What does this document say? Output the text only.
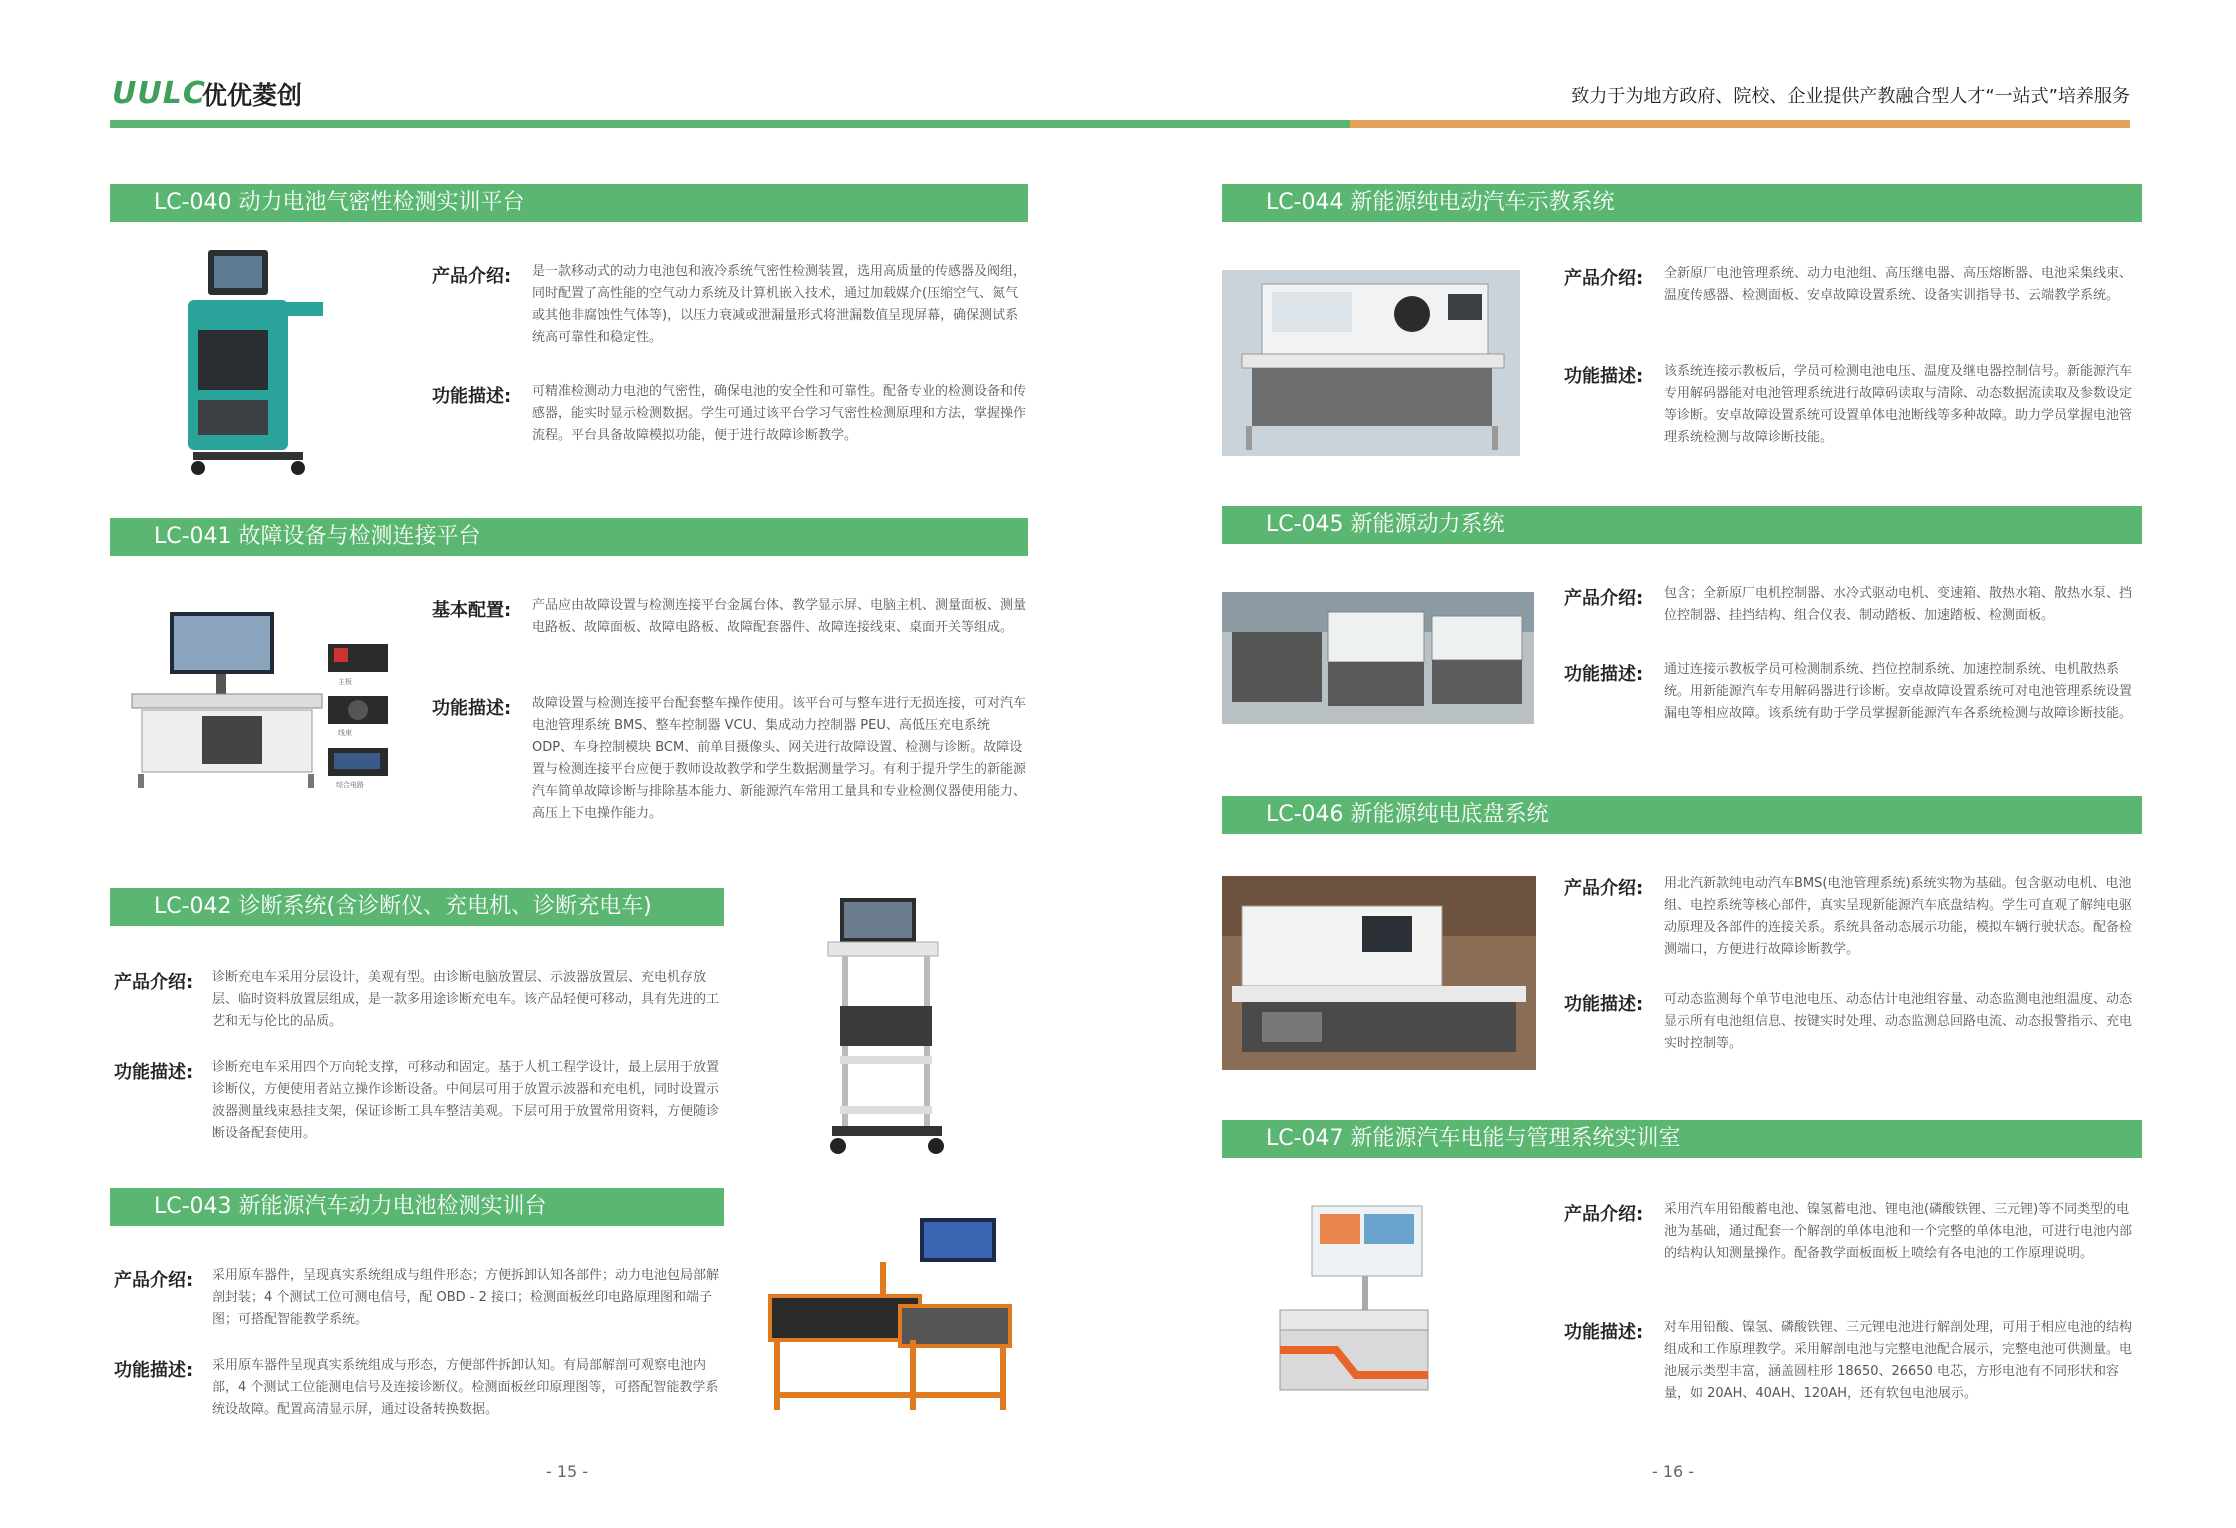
UULC
优优菱创	致力于为地方政府、院校、企业提供产教融合型人才“一站式”培养服务
LC-040 动力电池气密性检测实训平台
产品介绍: 是一款移动式的动力电池包和液冷系统气密性检测装置，选用高质量的传感器及阀组，同时配置了高性能的空气动力系统及计算机嵌入技术，通过加载媒介(压缩空气、氮气或其他非腐蚀性气体等)，以压力衰减或泄漏量形式将泄漏数值呈现屏幕，确保测试系统高可靠性和稳定性。
功能描述: 可精准检测动力电池的气密性，确保电池的安全性和可靠性。配备专业的检测设备和传感器，能实时显示检测数据。学生可通过该平台学习气密性检测原理和方法，掌握操作流程。平台具备故障模拟功能，便于进行故障诊断教学。
LC-041 故障设备与检测连接平台
主板
线束
综合电路
基本配置: 产品应由故障设置与检测连接平台金属台体、教学显示屏、电脑主机、测量面板、测量电路板、故障面板、故障电路板、故障配套器件、故障连接线束、桌面开关等组成。
功能描述: 故障设置与检测连接平台配套整车操作使用。该平台可与整车进行无损连接，可对汽车电池管理系统 BMS、整车控制器 VCU、集成动力控制器 PEU、高低压充电系统 ODP、车身控制模块 BCM、前单目摄像头、网关进行故障设置、检测与诊断。故障设置与检测连接平台应便于教师设故教学和学生数据测量学习。有利于提升学生的新能源汽车简单故障诊断与排除基本能力、新能源汽车常用工量具和专业检测仪器使用能力、高压上下电操作能力。
LC-042 诊断系统(含诊断仪、充电机、诊断充电车)
产品介绍: 诊断充电车采用分层设计，美观有型。由诊断电脑放置层、示波器放置层、充电机存放层、临时资料放置层组成，是一款多用途诊断充电车。该产品轻便可移动，具有先进的工艺和无与伦比的品质。
功能描述: 诊断充电车采用四个万向轮支撑，可移动和固定。基于人机工程学设计，最上层用于放置诊断仪，方便使用者站立操作诊断设备。中间层可用于放置示波器和充电机，同时设置示波器测量线束悬挂支架，保证诊断工具车整洁美观。下层可用于放置常用资料，方便随诊断设备配套使用。
LC-043 新能源汽车动力电池检测实训台
产品介绍: 采用原车器件，呈现真实系统组成与组件形态；方便拆卸认知各部件；动力电池包局部解剖封装；4 个测试工位可测电信号，配 OBD - 2 接口；检测面板丝印电路原理图和端子图；可搭配智能教学系统。
功能描述: 采用原车器件呈现真实系统组成与形态，方便部件拆卸认知。有局部解剖可观察电池内部，4 个测试工位能测电信号及连接诊断仪。检测面板丝印原理图等，可搭配智能教学系统设故障。配置高清显示屏，通过设备转换数据。
- 15 -
LC-044 新能源纯电动汽车示教系统
产品介绍: 全新原厂电池管理系统、动力电池组、高压继电器、高压熔断器、电池采集线束、温度传感器、检测面板、安卓故障设置系统、设备实训指导书、云端教学系统。
功能描述: 该系统连接示教板后，学员可检测电池电压、温度及继电器控制信号。新能源汽车专用解码器能对电池管理系统进行故障码读取与清除、动态数据流读取及参数设定等诊断。安卓故障设置系统可设置单体电池断线等多种故障。助力学员掌握电池管理系统检测与故障诊断技能。
LC-045 新能源动力系统
产品介绍: 包含；全新原厂电机控制器、水冷式驱动电机、变速箱、散热水箱、散热水泵、挡位控制器、挂挡结构、组合仪表、制动踏板、加速踏板、检测面板。
功能描述: 通过连接示教板学员可检测制系统、挡位控制系统、加速控制系统、电机散热系统。用新能源汽车专用解码器进行诊断。安卓故障设置系统可对电池管理系统设置漏电等相应故障。该系统有助于学员掌握新能源汽车各系统检测与故障诊断技能。
LC-046 新能源纯电底盘系统
产品介绍: 用北汽新款纯电动汽车BMS(电池管理系统)系统实物为基础。包含驱动电机、电池组、电控系统等核心部件，真实呈现新能源汽车底盘结构。学生可直观了解纯电驱动原理及各部件的连接关系。系统具备动态展示功能，模拟车辆行驶状态。配备检测端口，方便进行故障诊断教学。
功能描述: 可动态监测每个单节电池电压、动态估计电池组容量、动态监测电池组温度、动态显示所有电池组信息、按键实时处理、动态监测总回路电流、动态报警指示、充电实时控制等。
LC-047 新能源汽车电能与管理系统实训室
产品介绍: 采用汽车用铅酸蓄电池、镍氢蓄电池、锂电池(磷酸铁锂、三元锂)等不同类型的电池为基础，通过配套一个解剖的单体电池和一个完整的单体电池，可进行电池内部的结构认知测量操作。配备教学面板面板上喷绘有各电池的工作原理说明。
功能描述: 对车用铅酸、镍氢、磷酸铁锂、三元锂电池进行解剖处理，可用于相应电池的结构组成和工作原理教学。采用解剖电池与完整电池配合展示，完整电池可供测量。电池展示类型丰富，涵盖圆柱形 18650、26650 电芯，方形电池有不同形状和容量，如 20AH、40AH、120AH，还有软包电池展示。
- 16 -
